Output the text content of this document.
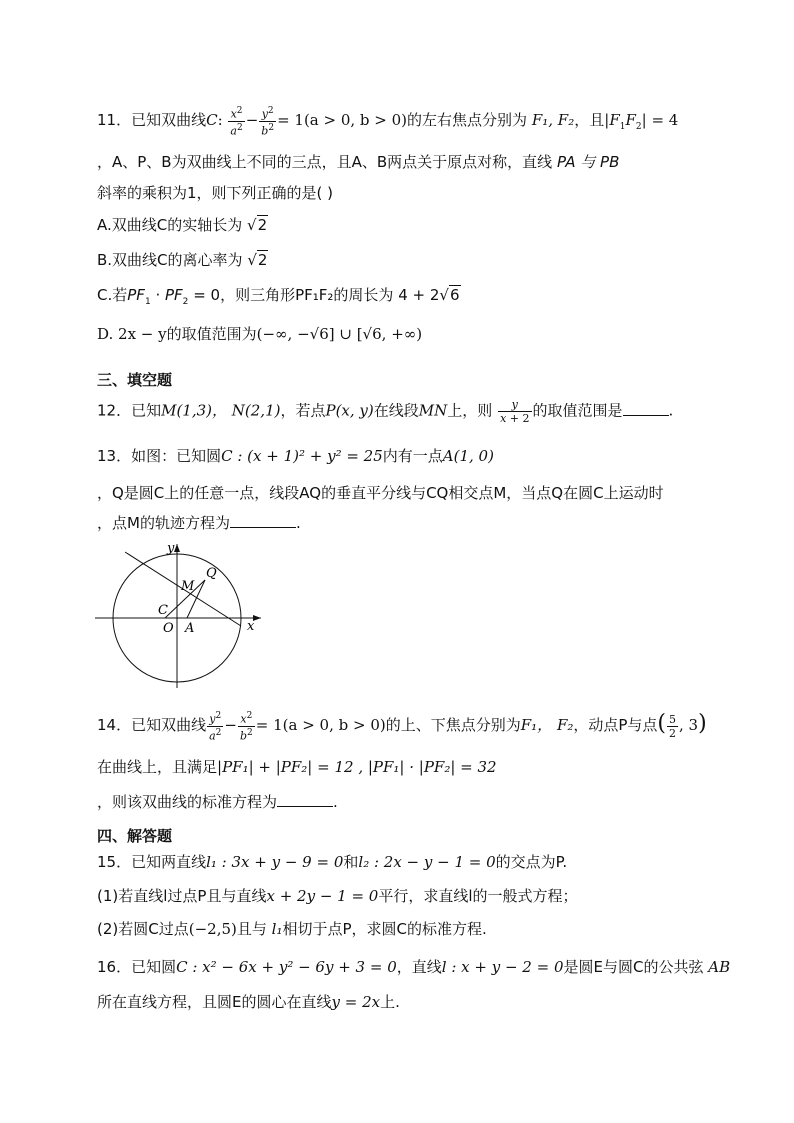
11．已知双曲线C: $\frac{x^2}{a^2} - \frac{y^2}{b^2} = 1(a > 0$, b > 0)的左右焦点分别为 F₁, F₂，且$|F_1F_2| = 4$
，A、P、B为双曲线上不同的三点，且A、B两点关于原点对称，直线 PA 与 PB
斜率的乘积为1，则下列正确的是( )
A.双曲线C的实轴长为 √2
B.双曲线C的离心率为 √2
C.若$PF_1 \cdot PF_2 = 0$，则三角形PF₁F₂的周长为 4 + 2√6
D. 2x − y的取值范围为(−∞, −√6] ∪ [√6, +∞)
三、填空题
12．已知M(1,3)， N(2,1)，若点P(x, y)在线段MN上，则 $\frac{y}{x + 2}$ 的取值范围是	.
13．如图：已知圆C : (x + 1)² + y² = 25内有一点A(1, 0)
，Q是圆C上的任意一点，线段AQ的垂直平分线与CQ相交点M，当点Q在圆C上运动时
，点M的轨迹方程为	.
y
x
Q
M
C
O A
14．已知双曲线 $\frac{y^2}{a^2} - \frac{x^2}{b^2} = 1(a > 0$, b > 0)的上、下焦点分别为F₁， F₂，动点P与点( $\frac{5}{2}$ , 3)
在曲线上，且满足|PF₁| + |PF₂| = 12 , |PF₁| · |PF₂| = 32
，则该双曲线的标准方程为	.
四、解答题
15．已知两直线l₁ : 3x + y − 9 = 0和l₂ : 2x − y − 1 = 0的交点为P.
(1)若直线l过点P且与直线x + 2y − 1 = 0平行，求直线l的一般式方程；
(2)若圆C过点(−2,5)且与 l₁相切于点P，求圆C的标准方程.
16．已知圆C : x² − 6x + y² − 6y + 3 = 0，直线l : x + y − 2 = 0是圆E与圆C的公共弦 AB
所在直线方程，且圆E的圆心在直线y = 2x上.
